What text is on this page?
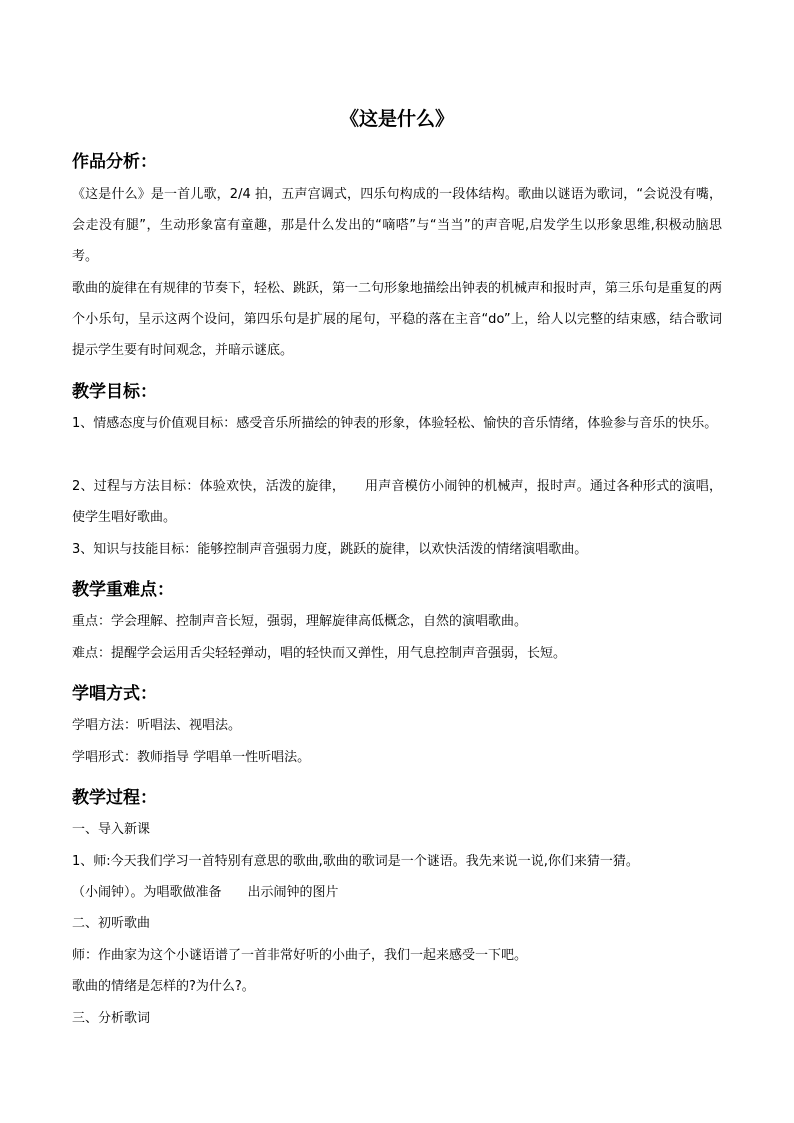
《这是什么》
作品分析：
《这是什么》是一首儿歌，2/4 拍，五声宫调式，四乐句构成的一段体结构。歌曲以谜语为歌词，“会说没有嘴，会走没有腿”，生动形象富有童趣，那是什么发出的“嘀嗒”与“当当”的声音呢,启发学生以形象思维,积极动脑思考。
歌曲的旋律在有规律的节奏下，轻松、跳跃，第一二句形象地描绘出钟表的机械声和报时声，第三乐句是重复的两个小乐句，呈示这两个设问，第四乐句是扩展的尾句，平稳的落在主音“do”上，给人以完整的结束感，结合歌词提示学生要有时间观念，并暗示谜底。
教学目标：
1、情感态度与价值观目标：感受音乐所描绘的钟表的形象，体验轻松、愉快的音乐情绪，体验参与音乐的快乐。
2、过程与方法目标：体验欢快，活泼的旋律，　　用声音模仿小闹钟的机械声，报时声。通过各种形式的演唱，使学生唱好歌曲。
3、知识与技能目标：能够控制声音强弱力度，跳跃的旋律，以欢快活泼的情绪演唱歌曲。
教学重难点：
重点：学会理解、控制声音长短，强弱，理解旋律高低概念，自然的演唱歌曲。
难点：提醒学会运用舌尖轻轻弹动，唱的轻快而又弹性，用气息控制声音强弱，长短。
学唱方式：
学唱方法：听唱法、视唱法。
学唱形式：教师指导 学唱单一性听唱法。
教学过程：
一、导入新课
1、师:今天我们学习一首特别有意思的歌曲,歌曲的歌词是一个谜语。我先来说一说,你们来猜一猜。
（小闹钟）。为唱歌做准备　　出示闹钟的图片
二、初听歌曲
师：作曲家为这个小谜语谱了一首非常好听的小曲子，我们一起来感受一下吧。
歌曲的情绪是怎样的?为什么?。
三、分析歌词
